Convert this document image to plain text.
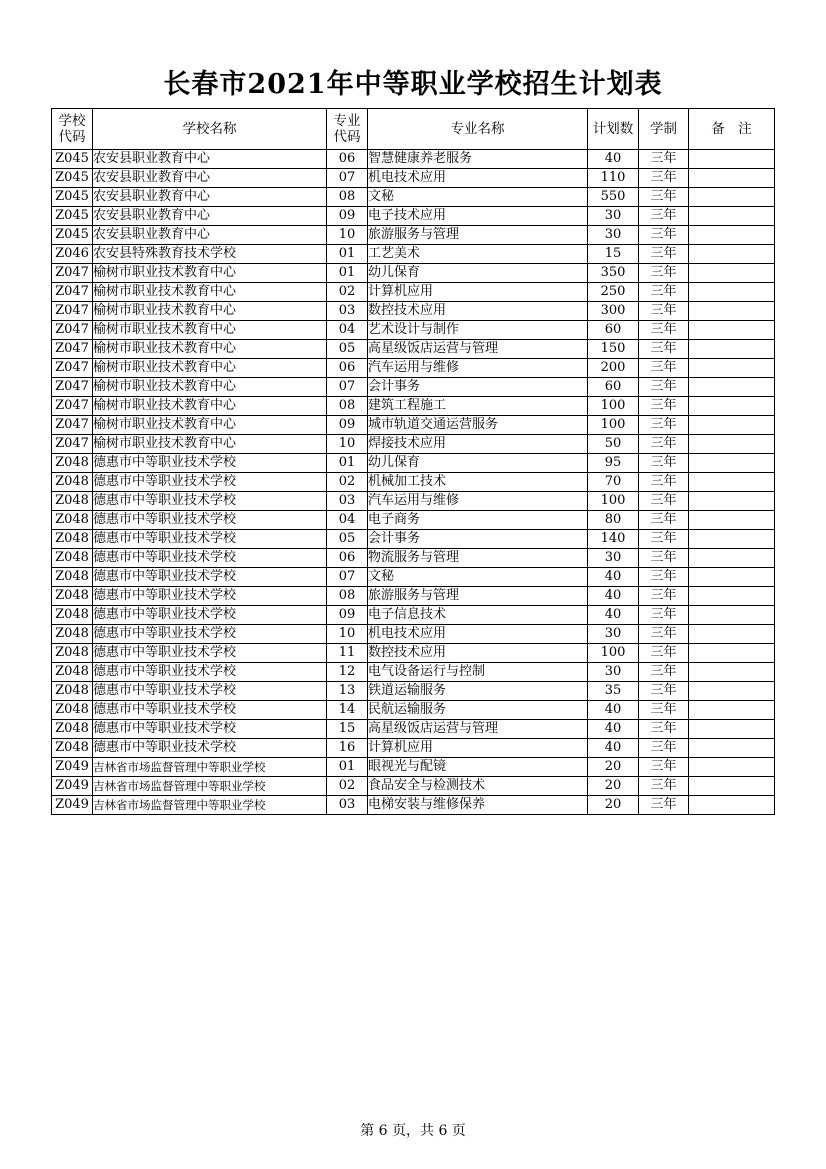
长春市2021年中等职业学校招生计划表
学校
代码	学校名称	专业
代码	专业名称	计划数	学制	备　注
Z045	农安县职业教育中心	06	智慧健康养老服务	40	三年	
Z045	农安县职业教育中心	07	机电技术应用	110	三年	
Z045	农安县职业教育中心	08	文秘	550	三年	
Z045	农安县职业教育中心	09	电子技术应用	30	三年	
Z045	农安县职业教育中心	10	旅游服务与管理	30	三年	
Z046	农安县特殊教育技术学校	01	工艺美术	15	三年	
Z047	榆树市职业技术教育中心	01	幼儿保育	350	三年	
Z047	榆树市职业技术教育中心	02	计算机应用	250	三年	
Z047	榆树市职业技术教育中心	03	数控技术应用	300	三年	
Z047	榆树市职业技术教育中心	04	艺术设计与制作	60	三年	
Z047	榆树市职业技术教育中心	05	高星级饭店运营与管理	150	三年	
Z047	榆树市职业技术教育中心	06	汽车运用与维修	200	三年	
Z047	榆树市职业技术教育中心	07	会计事务	60	三年	
Z047	榆树市职业技术教育中心	08	建筑工程施工	100	三年	
Z047	榆树市职业技术教育中心	09	城市轨道交通运营服务	100	三年	
Z047	榆树市职业技术教育中心	10	焊接技术应用	50	三年	
Z048	德惠市中等职业技术学校	01	幼儿保育	95	三年	
Z048	德惠市中等职业技术学校	02	机械加工技术	70	三年	
Z048	德惠市中等职业技术学校	03	汽车运用与维修	100	三年	
Z048	德惠市中等职业技术学校	04	电子商务	80	三年	
Z048	德惠市中等职业技术学校	05	会计事务	140	三年	
Z048	德惠市中等职业技术学校	06	物流服务与管理	30	三年	
Z048	德惠市中等职业技术学校	07	文秘	40	三年	
Z048	德惠市中等职业技术学校	08	旅游服务与管理	40	三年	
Z048	德惠市中等职业技术学校	09	电子信息技术	40	三年	
Z048	德惠市中等职业技术学校	10	机电技术应用	30	三年	
Z048	德惠市中等职业技术学校	11	数控技术应用	100	三年	
Z048	德惠市中等职业技术学校	12	电气设备运行与控制	30	三年	
Z048	德惠市中等职业技术学校	13	铁道运输服务	35	三年	
Z048	德惠市中等职业技术学校	14	民航运输服务	40	三年	
Z048	德惠市中等职业技术学校	15	高星级饭店运营与管理	40	三年	
Z048	德惠市中等职业技术学校	16	计算机应用	40	三年	
Z049	吉林省市场监督管理中等职业学校	01	眼视光与配镜	20	三年	
Z049	吉林省市场监督管理中等职业学校	02	食品安全与检测技术	20	三年	
Z049	吉林省市场监督管理中等职业学校	03	电梯安装与维修保养	20	三年	
第 6 页，共 6 页
